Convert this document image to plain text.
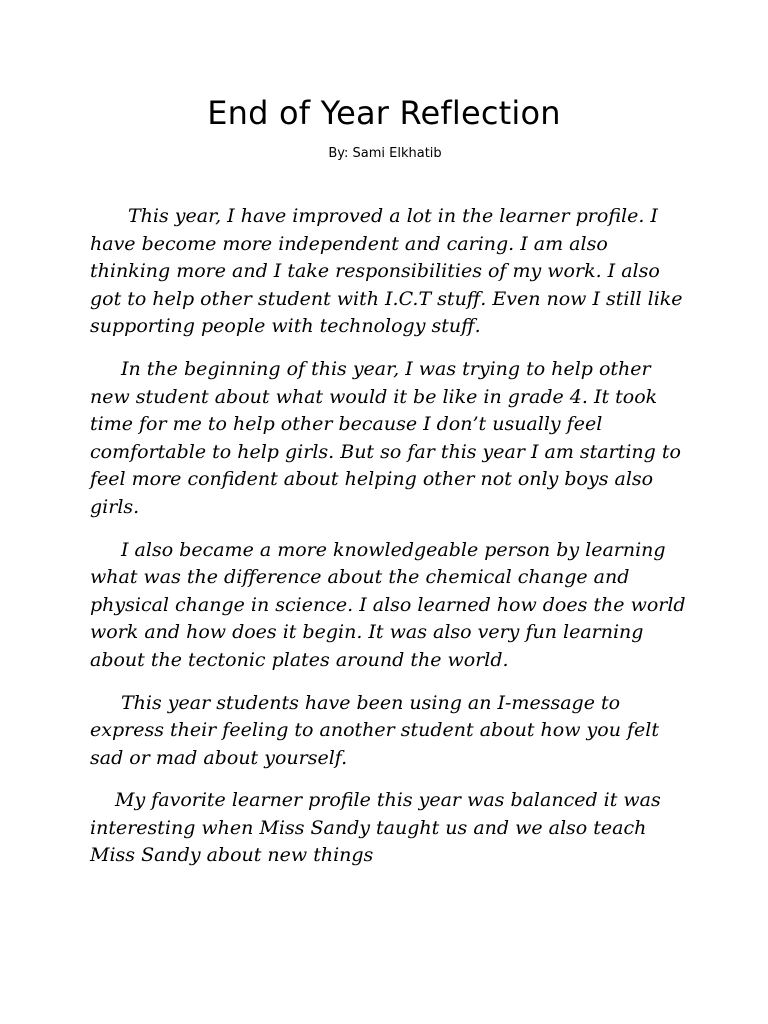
End of Year Reflection

By: Sami Elkhatib

This year, I have improved a lot in the learner profile. I have become more independent and caring. I am also thinking more and I take responsibilities of my work. I also got to help other student with I.C.T stuff. Even now I still like supporting people with technology stuff.

In the beginning of this year, I was trying to help other new student about what would it be like in grade 4. It took time for me to help other because I don’t usually feel comfortable to help girls. But so far this year I am starting to feel more confident about helping other not only boys also girls.

I also became a more knowledgeable person by learning what was the difference about the chemical change and physical change in science. I also learned how does the world work and how does it begin. It was also very fun learning about the tectonic plates around the world.

This year students have been using an I-message to express their feeling to another student about how you felt sad or mad about yourself.

My favorite learner profile this year was balanced it was interesting when Miss Sandy taught us and we also teach Miss Sandy about new things
